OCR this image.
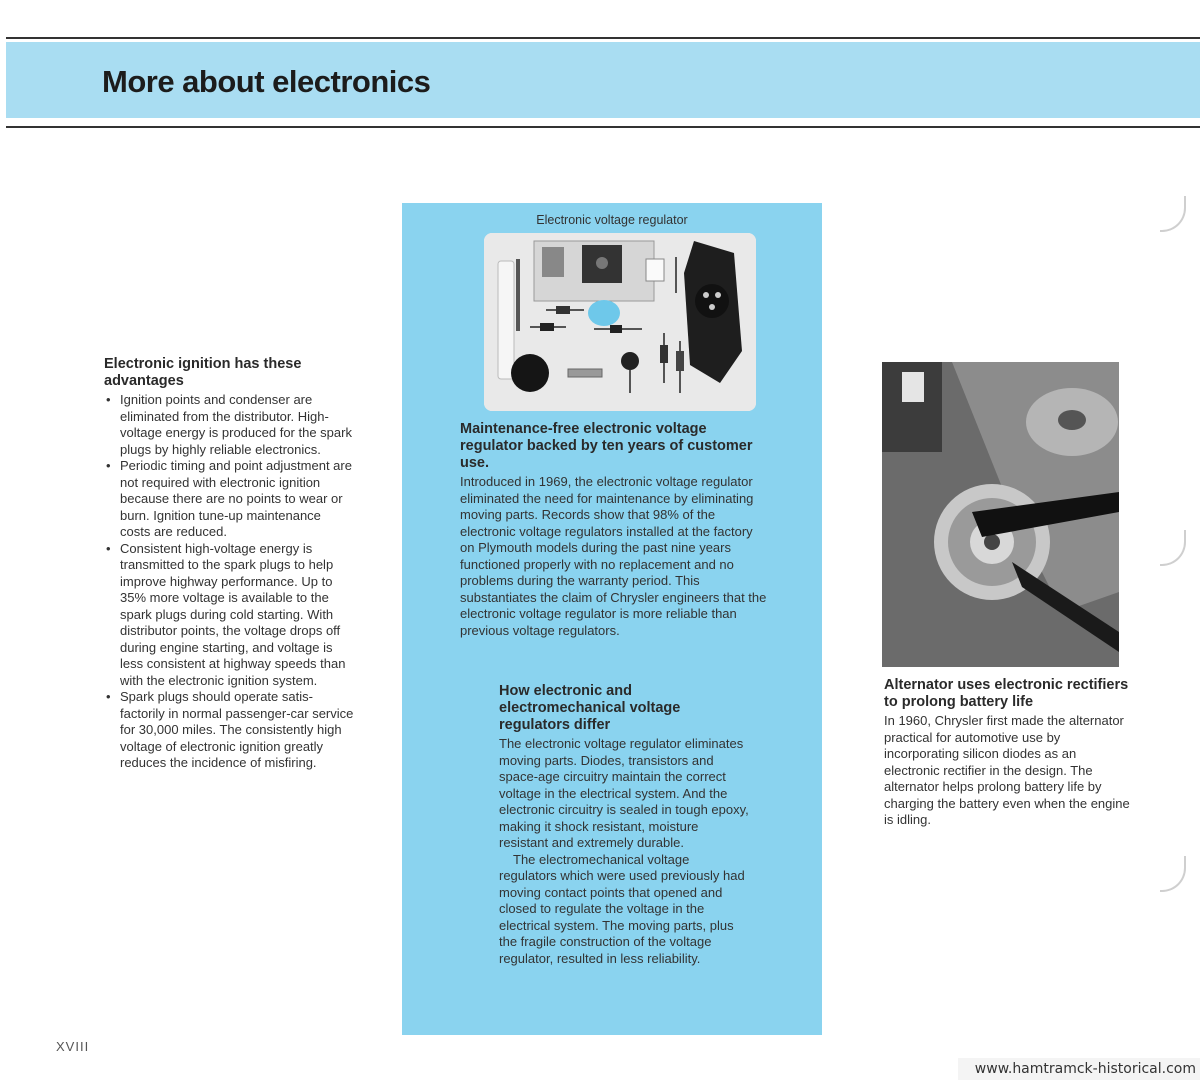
More about electronics
Electronic ignition has these advantages
• Ignition points and condenser are eliminated from the distributor. High-voltage energy is produced for the spark plugs by highly reliable electronics.
• Periodic timing and point adjustment are not required with electronic ignition because there are no points to wear or burn. Ignition tune-up maintenance costs are reduced.
• Consistent high-voltage energy is transmitted to the spark plugs to help improve highway performance. Up to 35% more voltage is available to the spark plugs during cold starting. With distributor points, the voltage drops off during engine starting, and voltage is less consistent at highway speeds than with the electronic ignition system.
• Spark plugs should operate satis-factorily in normal passenger-car service for 30,000 miles. The consistently high voltage of electronic ignition greatly reduces the incidence of misfiring.
Electronic voltage regulator
Maintenance-free electronic voltage regulator backed by ten years of customer use.

Introduced in 1969, the electronic voltage regulator eliminated the need for maintenance by eliminating moving parts. Records show that 98% of the electronic voltage regulators installed at the factory on Plymouth models during the past nine years functioned properly with no replacement and no problems during the warranty period. This substantiates the claim of Chrysler engineers that the electronic voltage regulator is more reliable than previous voltage regulators.

How electronic and electromechanical voltage regulators differ

The electronic voltage regulator eliminates moving parts. Diodes, transistors and space-age circuitry maintain the correct voltage in the electrical system. And the electronic circuitry is sealed in tough epoxy, making it shock resistant, moisture resistant and extremely durable.

The electromechanical voltage regulators which were used previously had moving contact points that opened and closed to regulate the voltage in the electrical system. The moving parts, plus the fragile construction of the voltage regulator, resulted in less reliability.

Alternator uses electronic rectifiers to prolong battery life

In 1960, Chrysler first made the alternator practical for automotive use by incorporating silicon diodes as an electronic rectifier in the design. The alternator helps prolong battery life by charging the battery even when the engine is idling.

XVIII
www.hamtramck-historical.com
